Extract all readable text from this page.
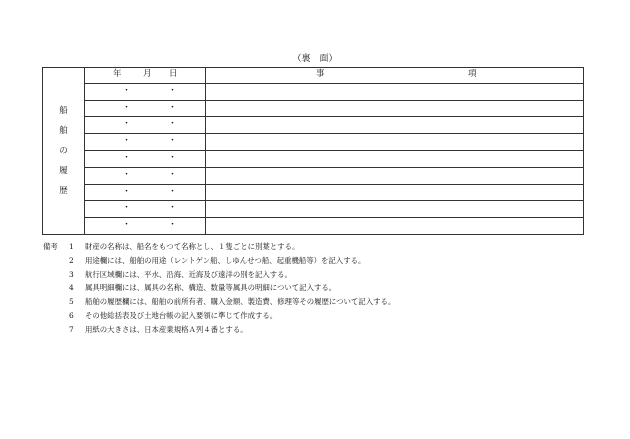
（裏　面）
船
舶
の
履
歴	年 月 日	事 項

	・ ・	

	・ ・	

	・ ・	

	・ ・	

	・ ・	

	・ ・	

	・ ・	

	・ ・	

	・ ・	

備考 1 財産の名称は、船名をもつて名称とし、１隻ごとに別葉とする。
2 用途欄には、船舶の用途（レントゲン船、しゆんせつ船、起重機船等）を記入する。
3 航行区域欄には、平水、沿海、近海及び遠洋の別を記入する。
4 属具明細欄には、属具の名称、構造、数量等属具の明細について記入する。
5 船舶の履歴欄には、船舶の前所有者、購入金額、製造費、修理等その履歴について記入する。
6 その他総括表及び土地台帳の記入要領に準じて作成する。
7 用紙の大きさは、日本産業規格Ａ列４番とする。
